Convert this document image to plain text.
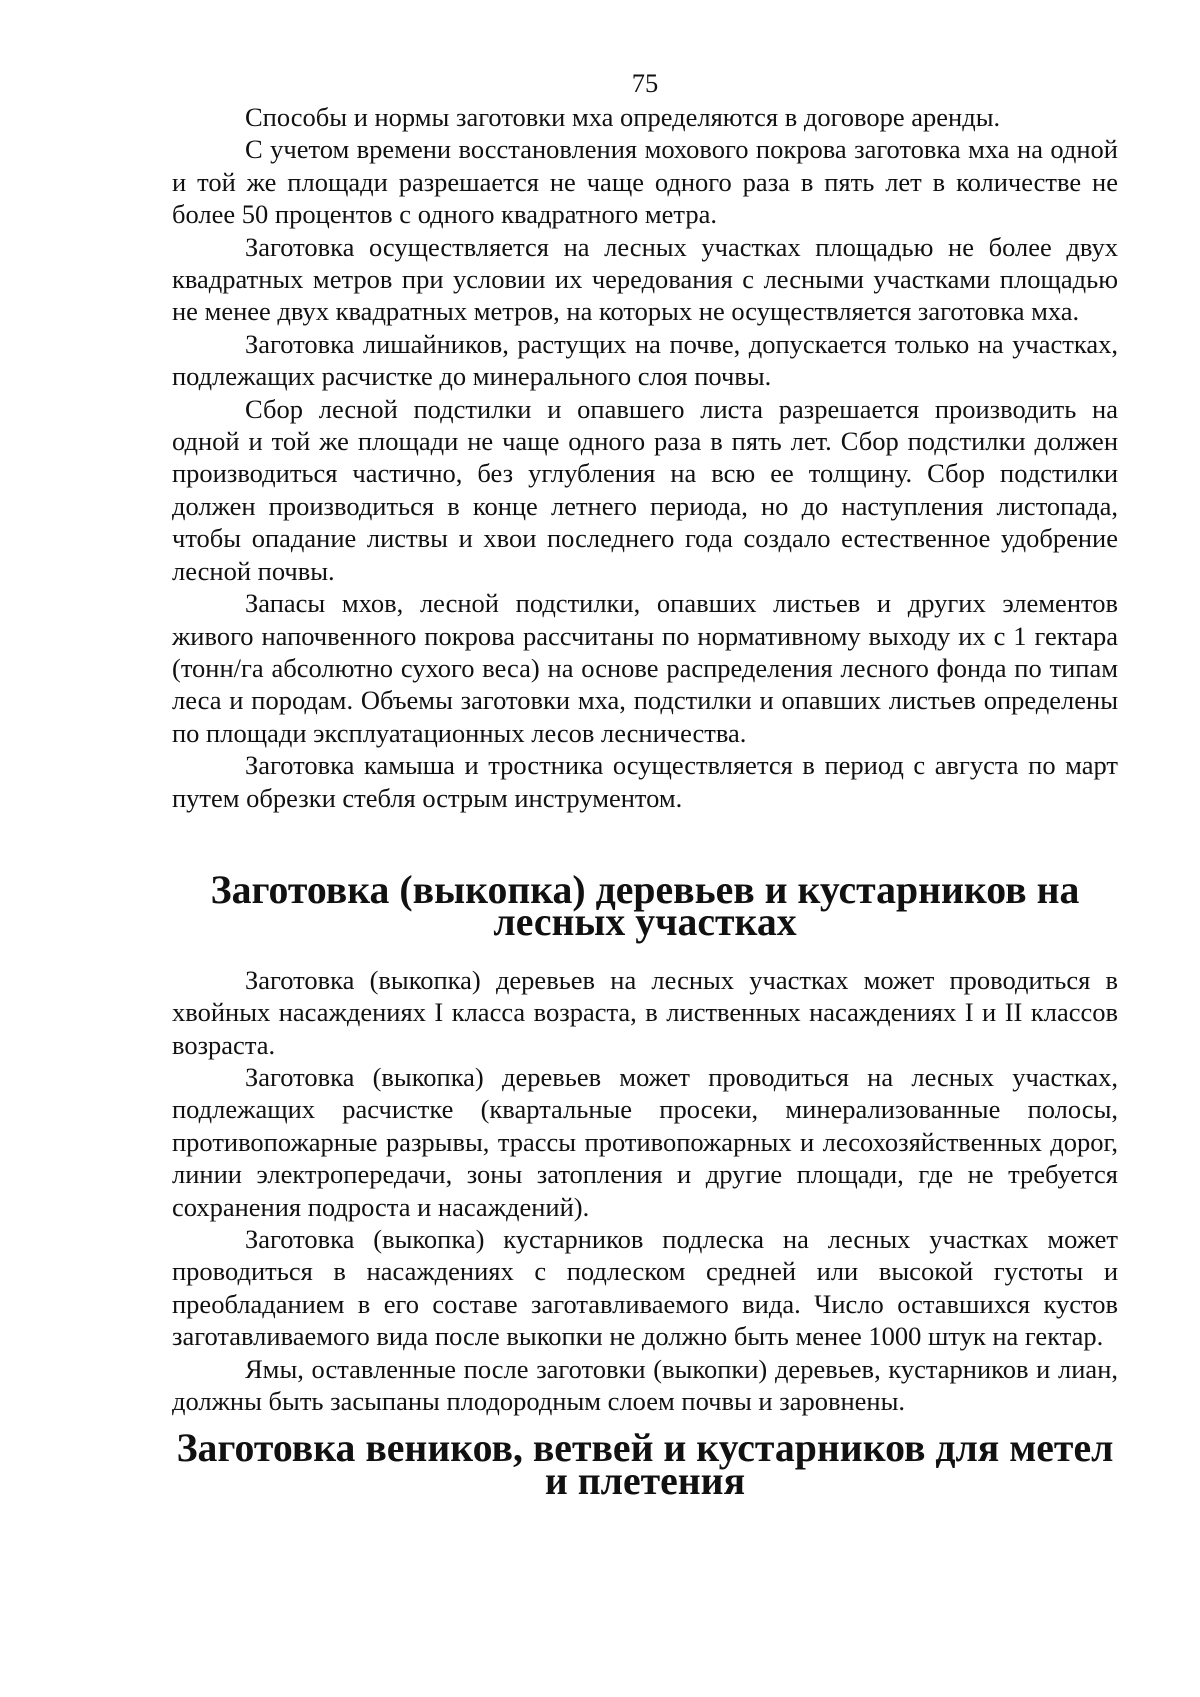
75

Способы и нормы заготовки мха определяются в договоре аренды.

С учетом времени восстановления мохового покрова заготовка мха на одной и той же площади разрешается не чаще одного раза в пять лет в количестве не более 50 процентов с одного квадратного метра.

Заготовка осуществляется на лесных участках площадью не более двух квадратных метров при условии их чередования с лесными участками площадью не менее двух квадратных метров, на которых не осуществляется заготовка мха.

Заготовка лишайников, растущих на почве, допускается только на участках, подлежащих расчистке до минерального слоя почвы.

Сбор лесной подстилки и опавшего листа разрешается производить на одной и той же площади не чаще одного раза в пять лет. Сбор подстилки должен производиться частично, без углубления на всю ее толщину. Сбор подстилки должен производиться в конце летнего периода, но до наступления листопада, чтобы опадание листвы и хвои последнего года создало естественное удобрение лесной почвы.

Запасы мхов, лесной подстилки, опавших листьев и других элементов живого напочвенного покрова рассчитаны по нормативному выходу их с 1 гектара (тонн/га абсолютно сухого веса) на основе распределения лесного фонда по типам леса и породам. Объемы заготовки мха, подстилки и опавших листьев определены по площади эксплуатационных лесов лесничества.

Заготовка камыша и тростника осуществляется в период с августа по март путем обрезки стебля острым инструментом.

Заготовка (выкопка) деревьев и кустарников на лесных участках

Заготовка (выкопка) деревьев на лесных участках может проводиться в хвойных насаждениях I класса возраста, в лиственных насаждениях I и II классов возраста.

Заготовка (выкопка) деревьев может проводиться на лесных участках, подлежащих расчистке (квартальные просеки, минерализованные полосы, противопожарные разрывы, трассы противопожарных и лесохозяйственных дорог, линии электропередачи, зоны затопления и другие площади, где не требуется сохранения подроста и насаждений).

Заготовка (выкопка) кустарников подлеска на лесных участках может проводиться в насаждениях с подлеском средней или высокой густоты и преобладанием в его составе заготавливаемого вида. Число оставшихся кустов заготавливаемого вида после выкопки не должно быть менее 1000 штук на гектар.

Ямы, оставленные после заготовки (выкопки) деревьев, кустарников и лиан, должны быть засыпаны плодородным слоем почвы и заровнены.

Заготовка веников, ветвей и кустарников для метел и плетения
